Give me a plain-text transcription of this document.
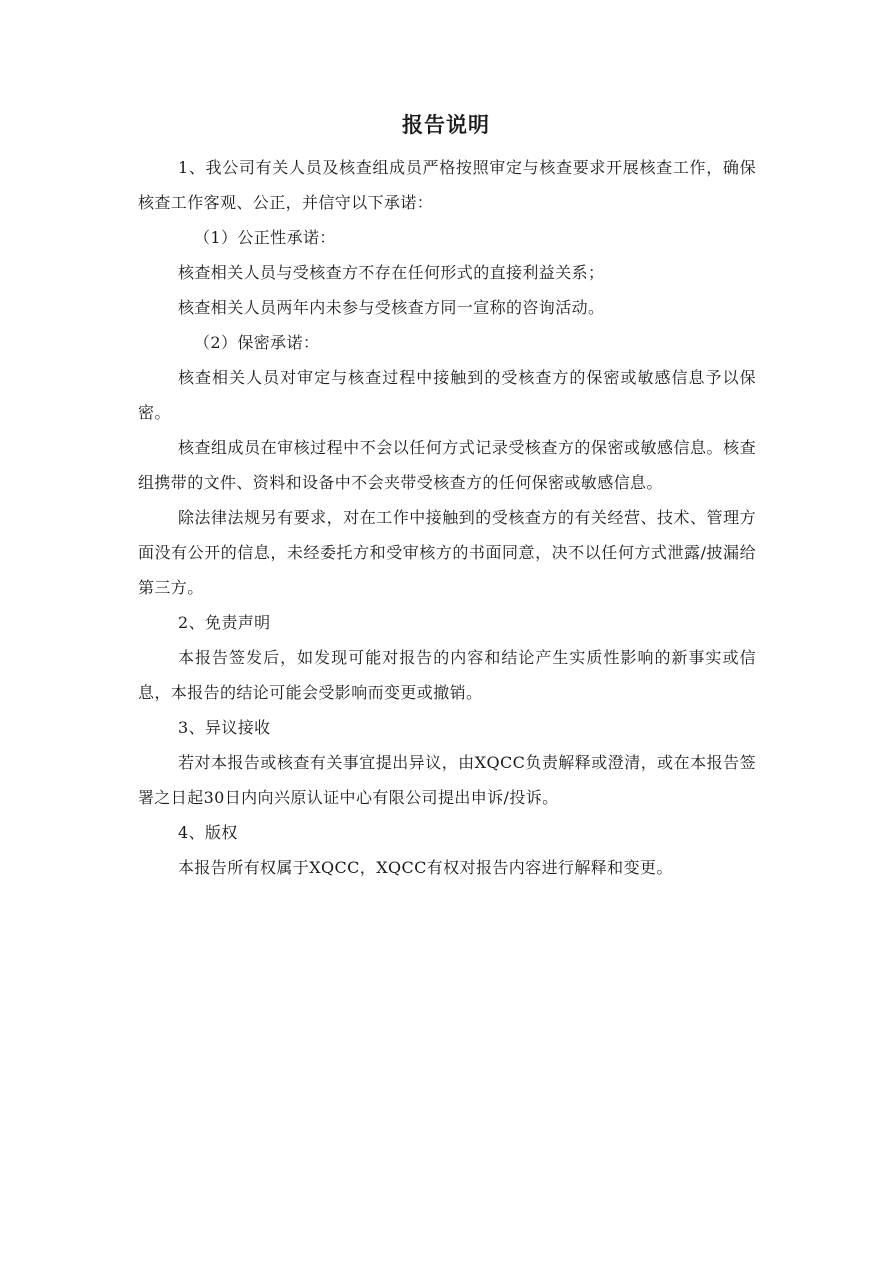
报告说明

1、我公司有关人员及核查组成员严格按照审定与核查要求开展核查工作，确保核查工作客观、公正，并信守以下承诺：

（1）公正性承诺：

核查相关人员与受核查方不存在任何形式的直接利益关系；

核查相关人员两年内未参与受核查方同一宣称的咨询活动。

（2）保密承诺：

核查相关人员对审定与核查过程中接触到的受核查方的保密或敏感信息予以保密。

核查组成员在审核过程中不会以任何方式记录受核查方的保密或敏感信息。核查组携带的文件、资料和设备中不会夹带受核查方的任何保密或敏感信息。

除法律法规另有要求，对在工作中接触到的受核查方的有关经营、技术、管理方面没有公开的信息，未经委托方和受审核方的书面同意，决不以任何方式泄露/披漏给第三方。

2、免责声明

本报告签发后，如发现可能对报告的内容和结论产生实质性影响的新事实或信息，本报告的结论可能会受影响而变更或撤销。

3、异议接收

若对本报告或核查有关事宜提出异议，由XQCC负责解释或澄清，或在本报告签署之日起30日内向兴原认证中心有限公司提出申诉/投诉。

4、版权

本报告所有权属于XQCC，XQCC有权对报告内容进行解释和变更。
